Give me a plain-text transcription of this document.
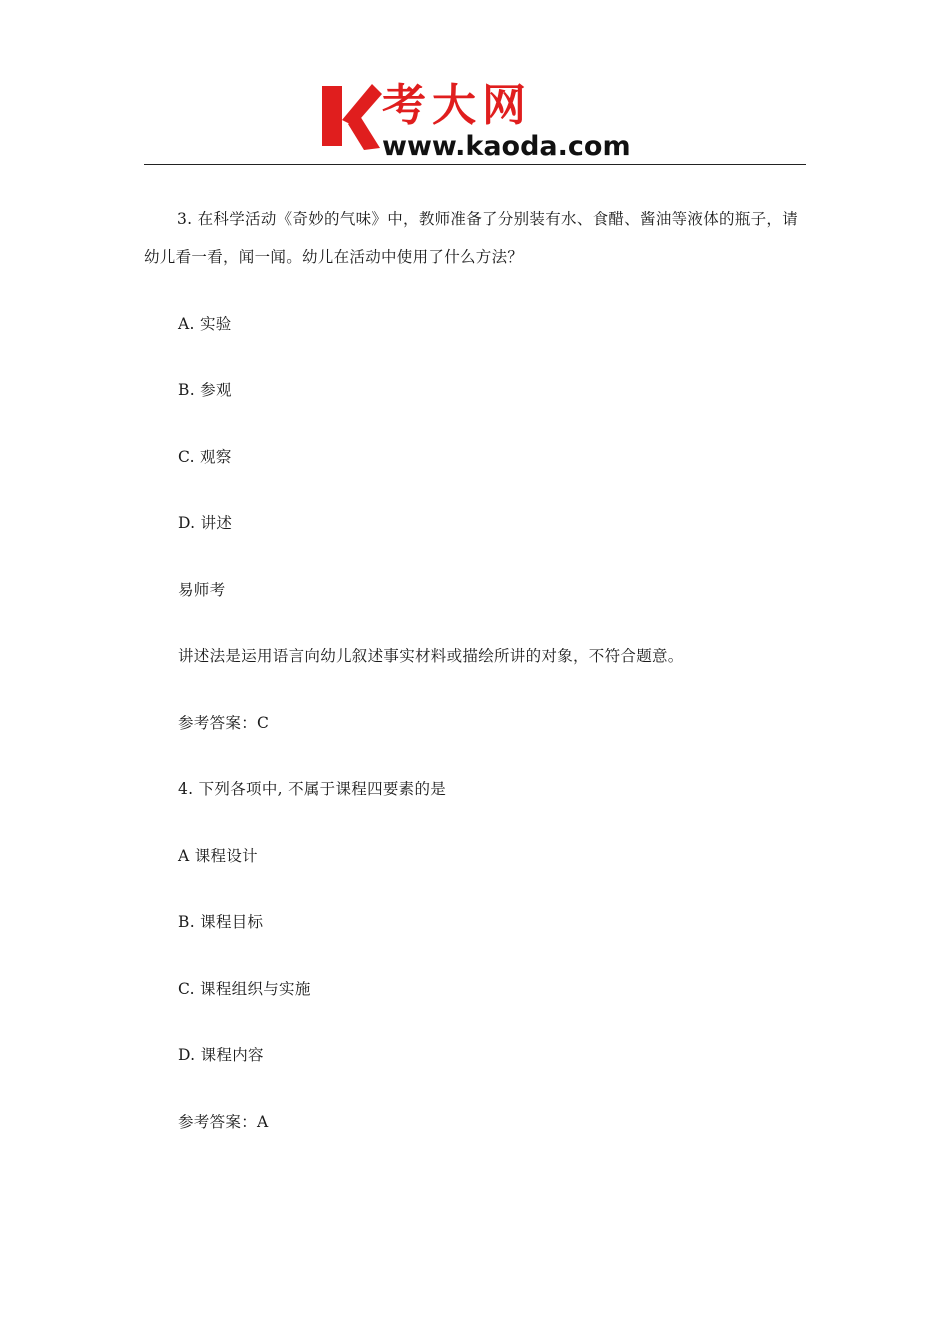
考大网
www.kaoda.com

3. 在科学活动《奇妙的气味》中，教师准备了分别装有水、食醋、酱油等液体的瓶子，请幼儿看一看，闻一闻。幼儿在活动中使用了什么方法？

A. 实验
B. 参观
C. 观察
D. 讲述
易师考
讲述法是运用语言向幼儿叙述事实材料或描绘所讲的对象，不符合题意。
参考答案：C
4. 下列各项中, 不属于课程四要素的是
A 课程设计
B. 课程目标
C. 课程组织与实施
D. 课程内容
参考答案：A
